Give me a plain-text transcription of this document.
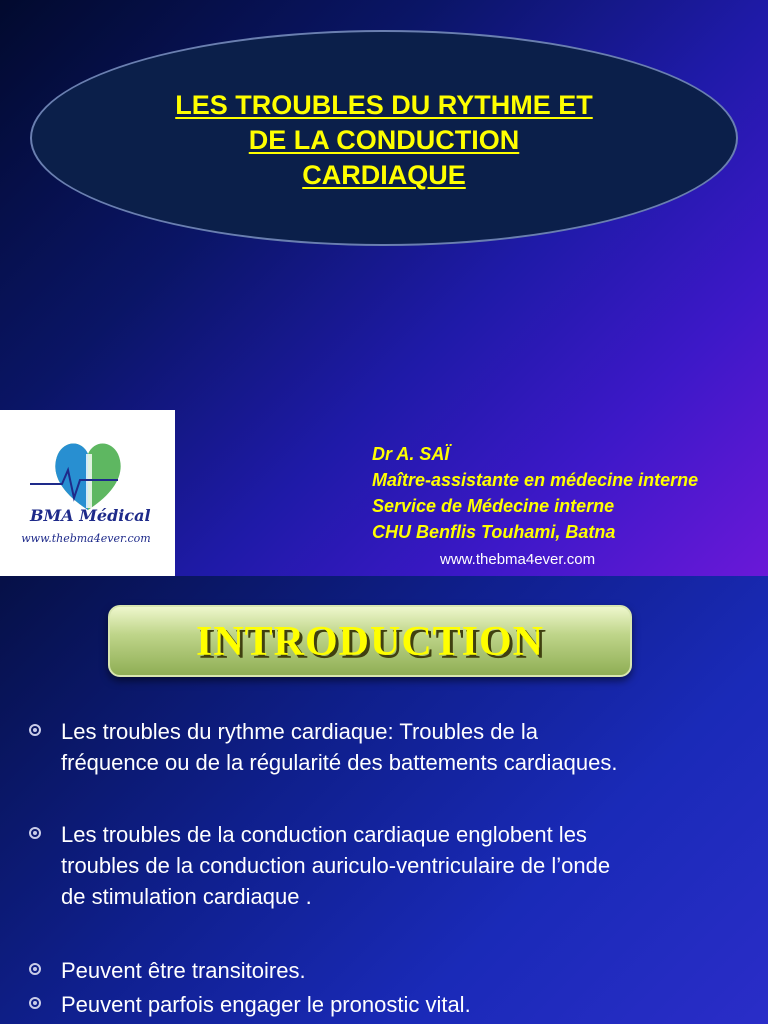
LES TROUBLES DU RYTHME ET
DE LA CONDUCTION
CARDIAQUE
BMA Médical
www.thebma4ever.com
Dr A. SAÏ
Maître-assistante en médecine interne
Service de Médecine interne
CHU Benflis Touhami, Batna
www.thebma4ever.com
INTRODUCTION
Les troubles du rythme cardiaque: Troubles de la
fréquence ou de la régularité des battements cardiaques.
Les troubles de la conduction cardiaque englobent les
troubles de la conduction auriculo-ventriculaire de l’onde
de stimulation cardiaque .
Peuvent être transitoires.
Peuvent parfois engager le pronostic vital.
